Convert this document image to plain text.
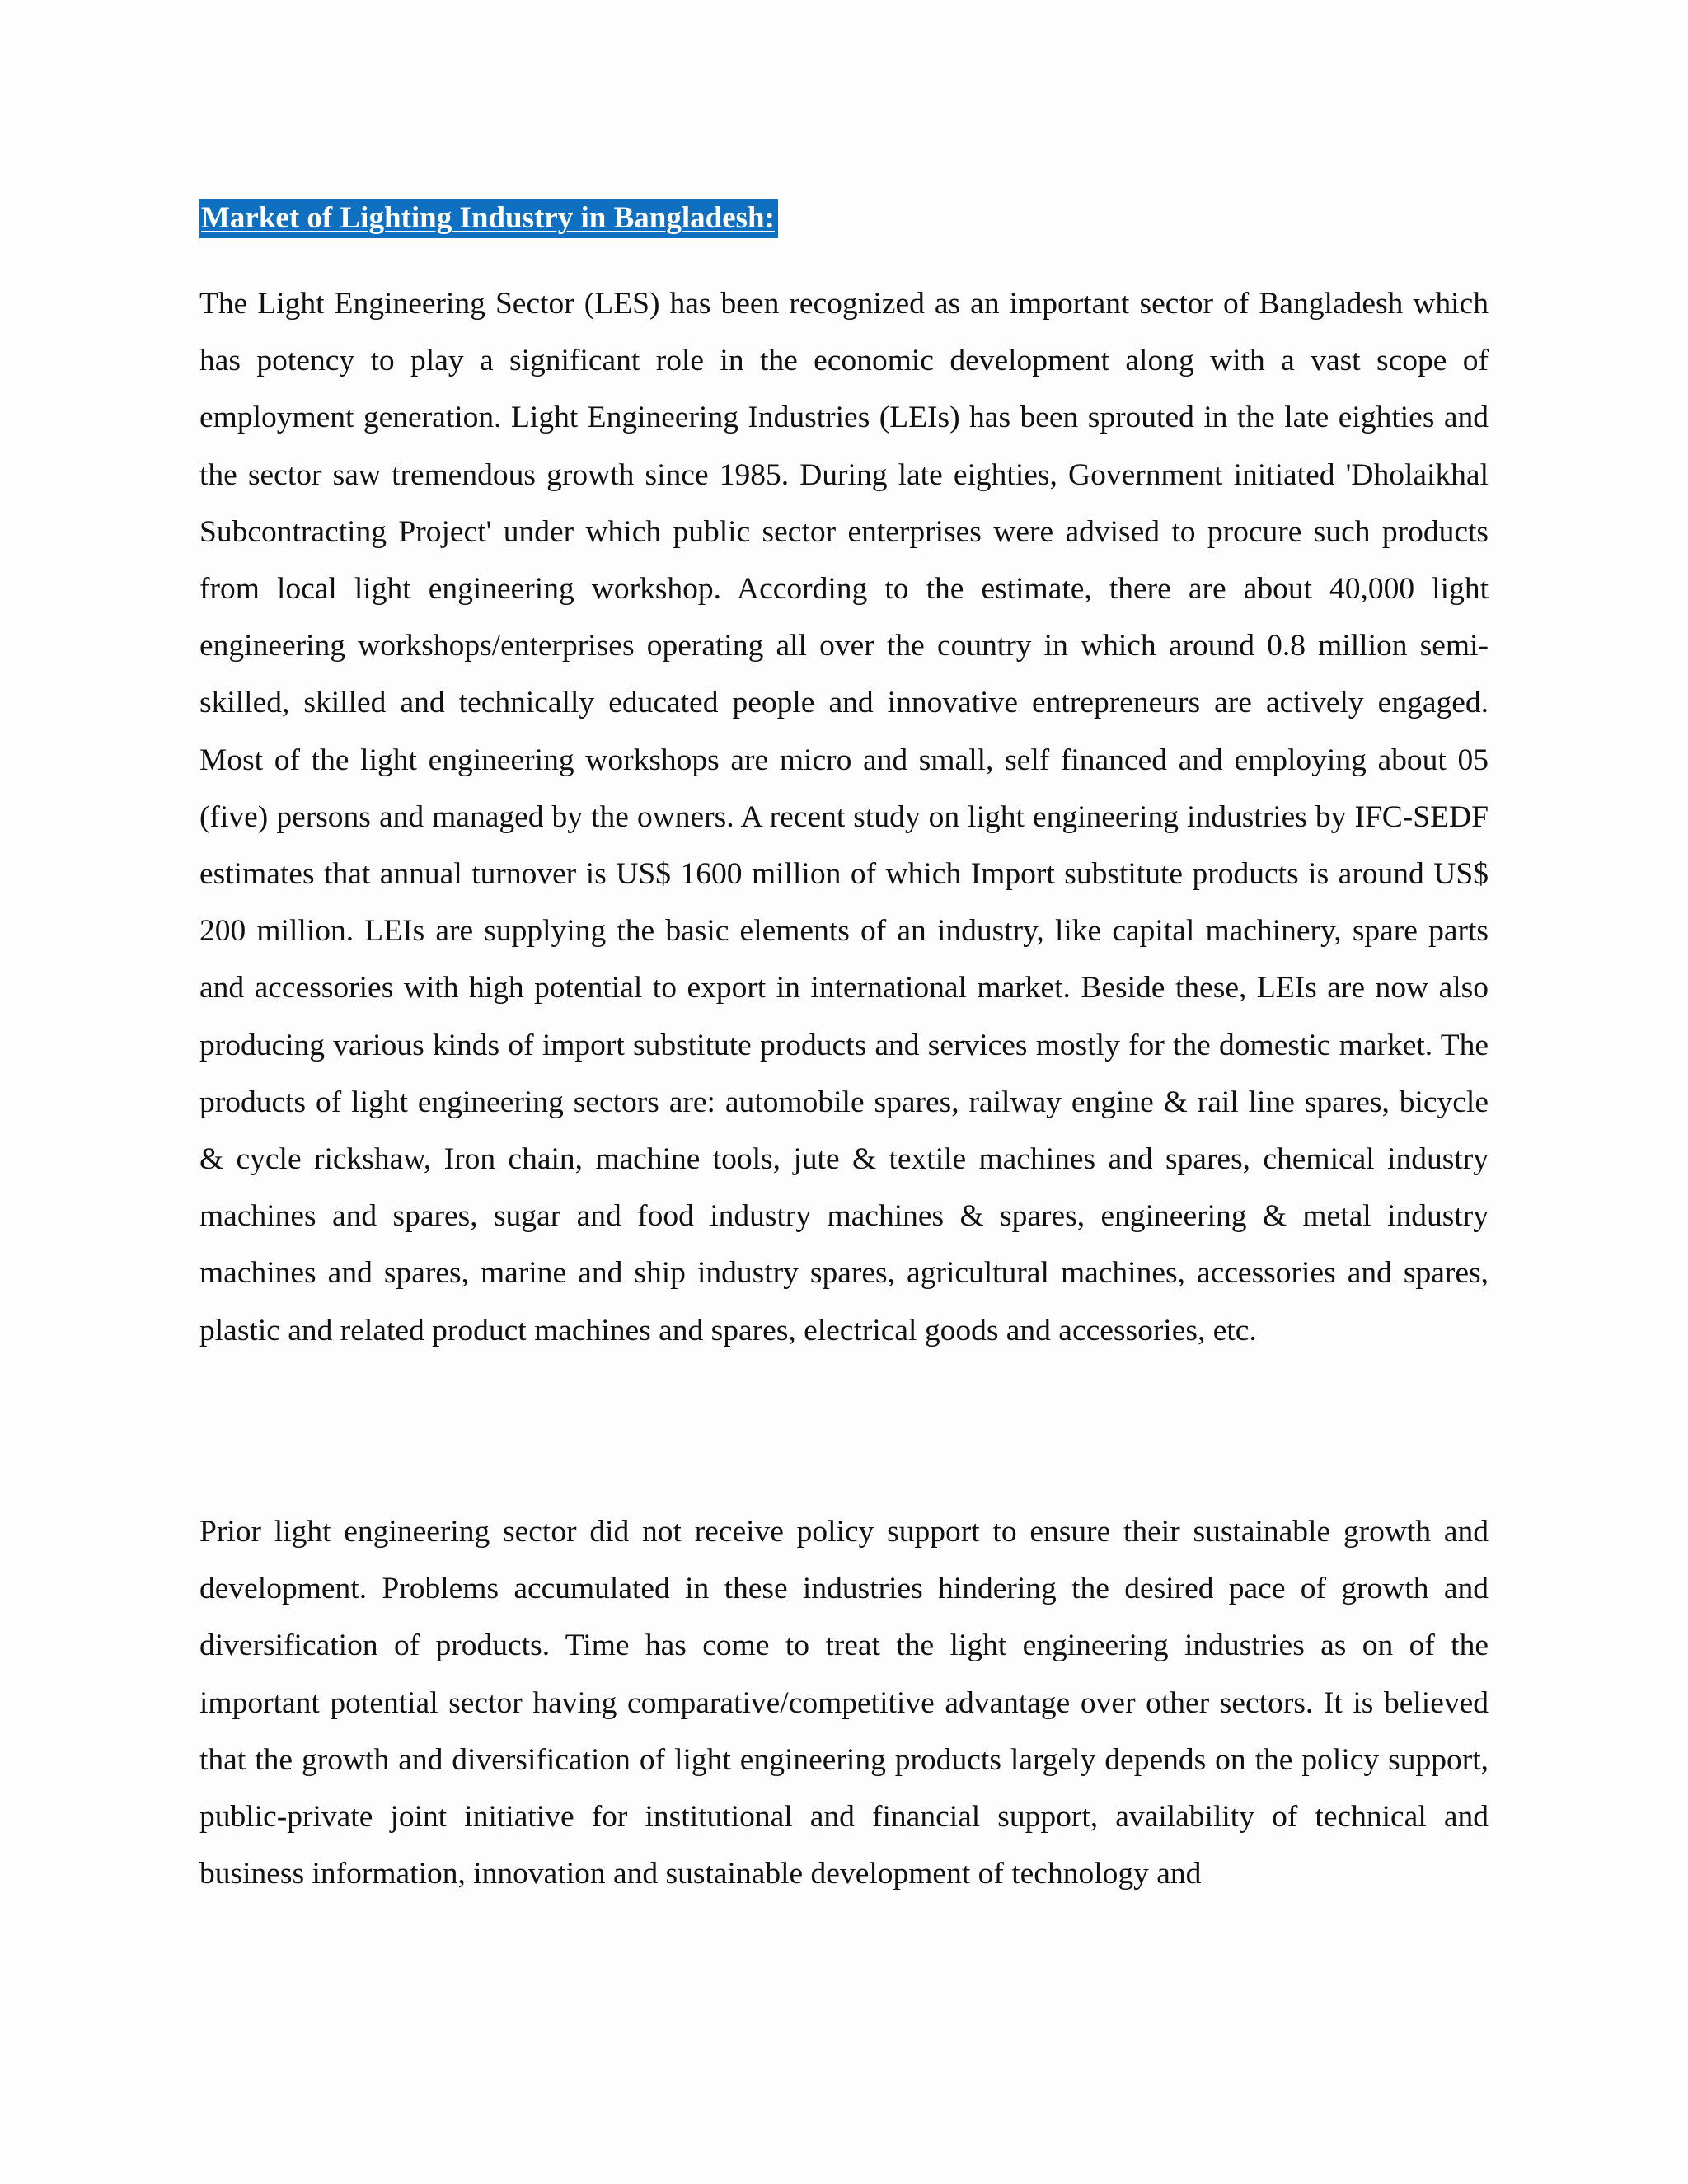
Market of Lighting Industry in Bangladesh:

The Light Engineering Sector (LES) has been recognized as an important sector of Bangladesh which has potency to play a significant role in the economic development along with a vast scope of employment generation. Light Engineering Industries (LEIs) has been sprouted in the late eighties and the sector saw tremendous growth since 1985. During late eighties, Government initiated 'Dholaikhal Subcontracting Project' under which public sector enterprises were advised to procure such products from local light engineering workshop. According to the estimate, there are about 40,000 light engineering workshops/enterprises operating all over the country in which around 0.8 million semi-skilled, skilled and technically educated people and innovative entrepreneurs are actively engaged. Most of the light engineering workshops are micro and small, self financed and employing about 05 (five) persons and managed by the owners. A recent study on light engineering industries by IFC-SEDF estimates that annual turnover is US$ 1600 million of which Import substitute products is around US$ 200 million. LEIs are supplying the basic elements of an industry, like capital machinery, spare parts and accessories with high potential to export in international market. Beside these, LEIs are now also producing various kinds of import substitute products and services mostly for the domestic market. The products of light engineering sectors are: automobile spares, railway engine & rail line spares, bicycle & cycle rickshaw, Iron chain, machine tools, jute & textile machines and spares, chemical industry machines and spares, sugar and food industry machines & spares, engineering & metal industry machines and spares, marine and ship industry spares, agricultural machines, accessories and spares, plastic and related product machines and spares, electrical goods and accessories, etc.

Prior light engineering sector did not receive policy support to ensure their sustainable growth and development. Problems accumulated in these industries hindering the desired pace of growth and diversification of products. Time has come to treat the light engineering industries as on of the important potential sector having comparative/competitive advantage over other sectors. It is believed that the growth and diversification of light engineering products largely depends on the policy support, public-private joint initiative for institutional and financial support, availability of technical and business information, innovation and sustainable development of technology and
